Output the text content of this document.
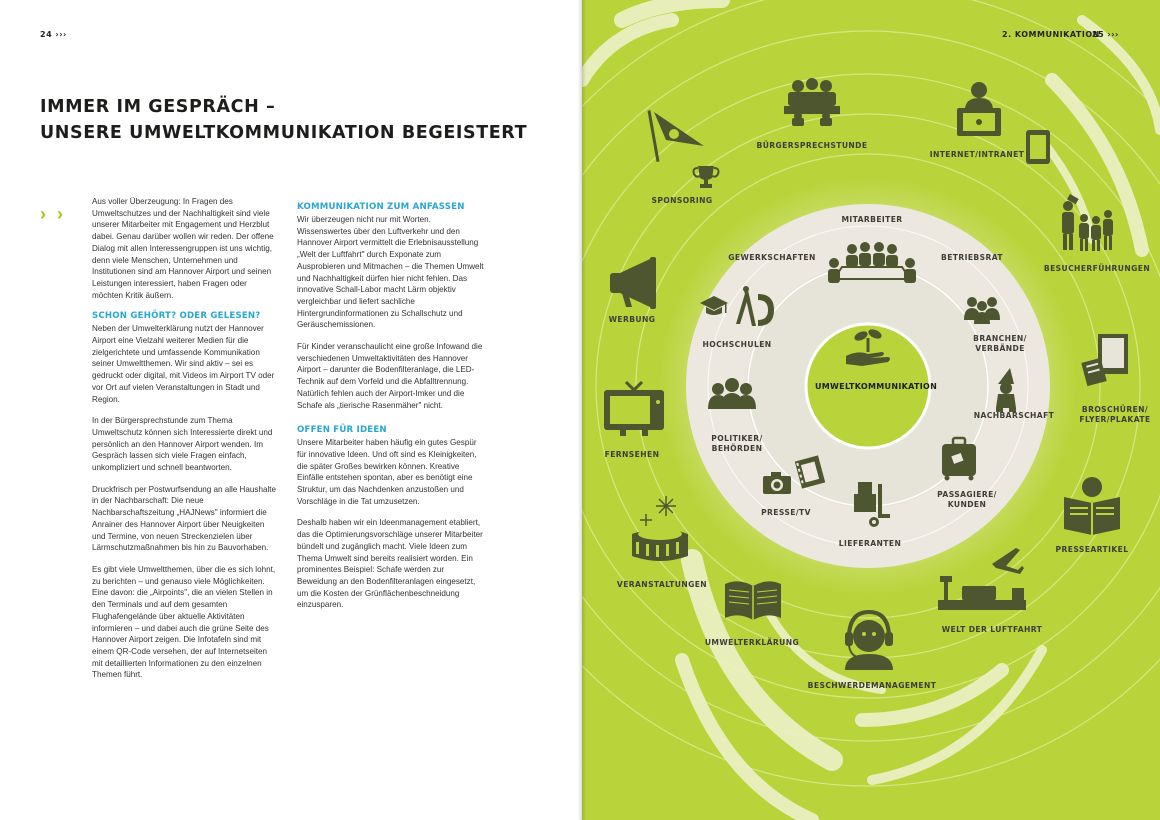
24 ›››
IMMER IM GESPRÄCH –
UNSERE UMWELTKOMMUNIKATION BEGEISTERT
› ›

Aus voller Überzeugung: In Fragen des Umweltschutzes und der Nachhaltigkeit sind viele unserer Mitarbeiter mit Engagement und Herzblut dabei. Genau darüber wollen wir reden. Der offene Dialog mit allen Interessengruppen ist uns wichtig, denn viele Menschen, Unternehmen und Institutionen sind am Hannover Airport und seinen Leistungen interessiert, haben Fragen oder möchten Kritik äußern.

SCHON GEHÖRT? ODER GELESEN?

Neben der Umwelterklärung nutzt der Hannover Airport eine Vielzahl weiterer Medien für die zielgerichtete und umfassende Kommunikation seiner Umweltthemen. Wir sind aktiv – sei es gedruckt oder digital, mit Videos im Airport TV oder vor Ort auf vielen Veranstaltungen in Stadt und Region.

In der Bürgersprechstunde zum Thema Umweltschutz können sich Interessierte direkt und persönlich an den Hannover Airport wenden. Im Gespräch lassen sich viele Fragen einfach, unkompliziert und schnell beantworten.

Druckfrisch per Postwurfsendung an alle Haushalte in der Nachbarschaft: Die neue Nachbarschaftszeitung „HAJNews" informiert die Anrainer des Hannover Airport über Neuigkeiten und Termine, von neuen Streckenzielen über Lärmschutzmaßnahmen bis hin zu Bauvorhaben.

Es gibt viele Umweltthemen, über die es sich lohnt, zu berichten – und genauso viele Möglichkeiten. Eine davon: die „Airpoints", die an vielen Stellen in den Terminals und auf dem gesamten Flughafengelände über aktuelle Aktivitäten informieren – und dabei auch die grüne Seite des Hannover Airport zeigen. Die Infotafeln sind mit einem QR-Code versehen, der auf Internetseiten mit detaillierten Informationen zu den einzelnen Themen führt.

KOMMUNIKATION ZUM ANFASSEN

Wir überzeugen nicht nur mit Worten. Wissenswertes über den Luftverkehr und den Hannover Airport vermittelt die Erlebnisausstellung „Welt der Luftfahrt" durch Exponate zum Ausprobieren und Mitmachen – die Themen Umwelt und Nachhaltigkeit dürfen hier nicht fehlen. Das innovative Schall-Labor macht Lärm objektiv vergleichbar und liefert sachliche Hintergrundinformationen zu Schallschutz und Geräuschemissionen.

Für Kinder veranschaulicht eine große Infowand die verschiedenen Umweltaktivitäten des Hannover Airport – darunter die Bodenfilteranlage, die LED-Technik auf dem Vorfeld und die Abfalltrennung. Natürlich fehlen auch der Airport-Imker und die Schafe als „tierische Rasenmäher" nicht.

OFFEN FÜR IDEEN

Unsere Mitarbeiter haben häufig ein gutes Gespür für innovative Ideen. Und oft sind es Kleinigkeiten, die später Großes bewirken können. Kreative Einfälle entstehen spontan, aber es benötigt eine Struktur, um das Nachdenken anzustoßen und Vorschläge in die Tat umzusetzen.

Deshalb haben wir ein Ideenmanagement etabliert, das die Optimierungsvorschläge unserer Mitarbeiter bündelt und zugänglich macht. Viele Ideen zum Thema Umwelt sind bereits realisiert worden. Ein prominentes Beispiel: Schafe werden zur Beweidung an den Bodenfilteranlagen eingesetzt, um die Kosten der Grünflächenbeschneidung einzusparen.

2. KOMMUNIKATION
25 ›››
UMWELTKOMMUNIKATION
MITARBEITER
GEWERKSCHAFTEN	BETRIEBSRAT
HOCHSCHULEN
BRANCHEN/
VERBÄNDE
POLITIKER/
BEHÖRDEN
NACHBARSCHAFT
PRESSE/TV
PASSAGIERE/
KUNDEN
LIEFERANTEN
BÜRGERSPRECHSTUNDE
INTERNET/INTRANET
SPONSORING
BESUCHERFÜHRUNGEN
WERBUNG
BROSCHÜREN/
FLYER/PLAKATE
FERNSEHEN
PRESSEARTIKEL
VERANSTALTUNGEN
WELT DER LUFTFAHRT
UMWELTERKLÄRUNG
BESCHWERDEMANAGEMENT
